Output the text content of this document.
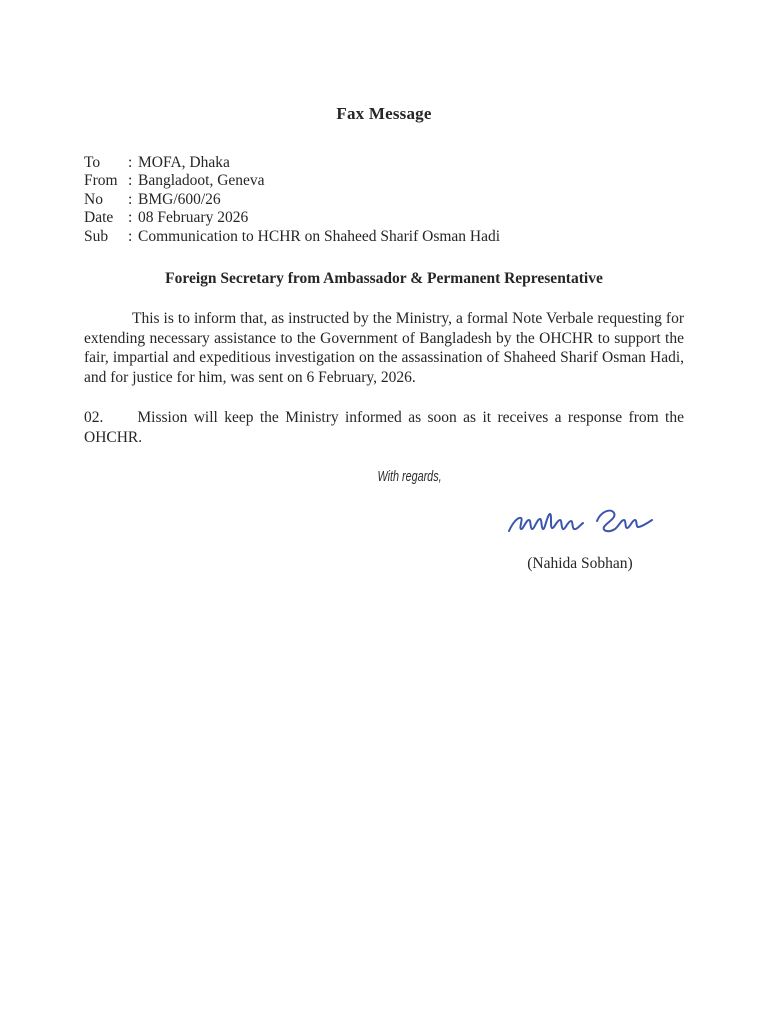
Fax Message
To : MOFA, Dhaka
From : Bangladoot, Geneva
No : BMG/600/26
Date : 08 February 2026
Sub : Communication to HCHR on Shaheed Sharif Osman Hadi
Foreign Secretary from Ambassador & Permanent Representative

This is to inform that, as instructed by the Ministry, a formal Note Verbale requesting for extending necessary assistance to the Government of Bangladesh by the OHCHR to support the fair, impartial and expeditious investigation on the assassination of Shaheed Sharif Osman Hadi, and for justice for him, was sent on 6 February, 2026.

02. Mission will keep the Ministry informed as soon as it receives a response from the OHCHR.

With regards,
(Nahida Sobhan)
